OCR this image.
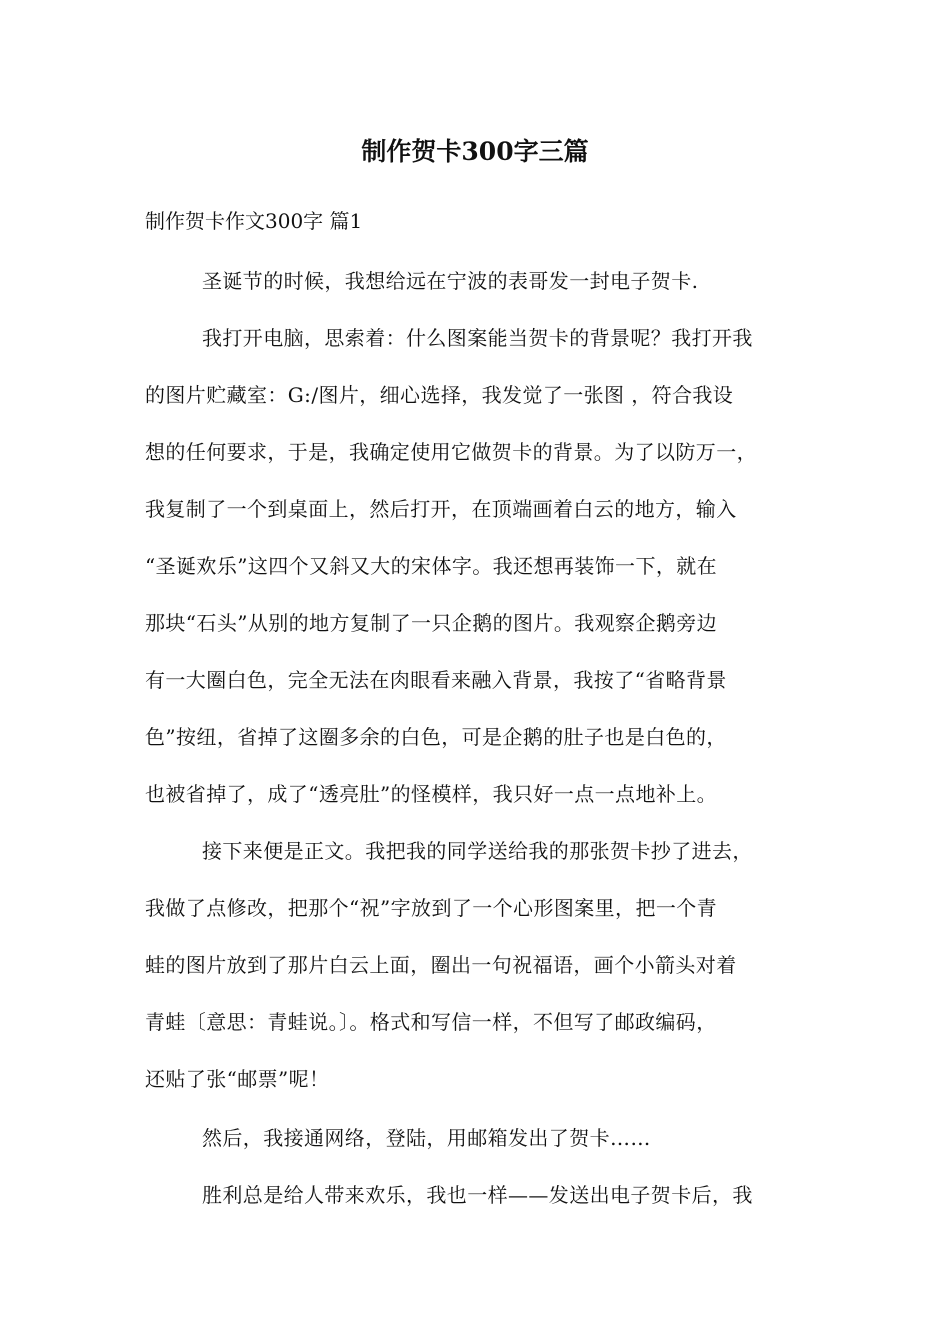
制作贺卡300字三篇
制作贺卡作文300字 篇1
圣诞节的时候，我想给远在宁波的表哥发一封电子贺卡.
我打开电脑，思索着：什么图案能当贺卡的背景呢？我打开我
的图片贮藏室：G:/图片，细心选择，我发觉了一张图 ，符合我设
想的任何要求，于是，我确定使用它做贺卡的背景。为了以防万一，
我复制了一个到桌面上，然后打开，在顶端画着白云的地方，输入
“圣诞欢乐”这四个又斜又大的宋体字。我还想再装饰一下，就在
那块“石头”从别的地方复制了一只企鹅的图片。我观察企鹅旁边
有一大圈白色，完全无法在肉眼看来融入背景，我按了“省略背景
色”按纽，省掉了这圈多余的白色，可是企鹅的肚子也是白色的，
也被省掉了，成了“透亮肚”的怪模样，我只好一点一点地补上。
接下来便是正文。我把我的同学送给我的那张贺卡抄了进去，
我做了点修改，把那个“祝”字放到了一个心形图案里，把一个青
蛙的图片放到了那片白云上面，圈出一句祝福语，画个小箭头对着
青蛙〔意思：青蛙说。〕。格式和写信一样，不但写了邮政编码，
还贴了张“邮票”呢！
然后，我接通网络，登陆，用邮箱发出了贺卡……
胜利总是给人带来欢乐，我也一样——发送出电子贺卡后，我
